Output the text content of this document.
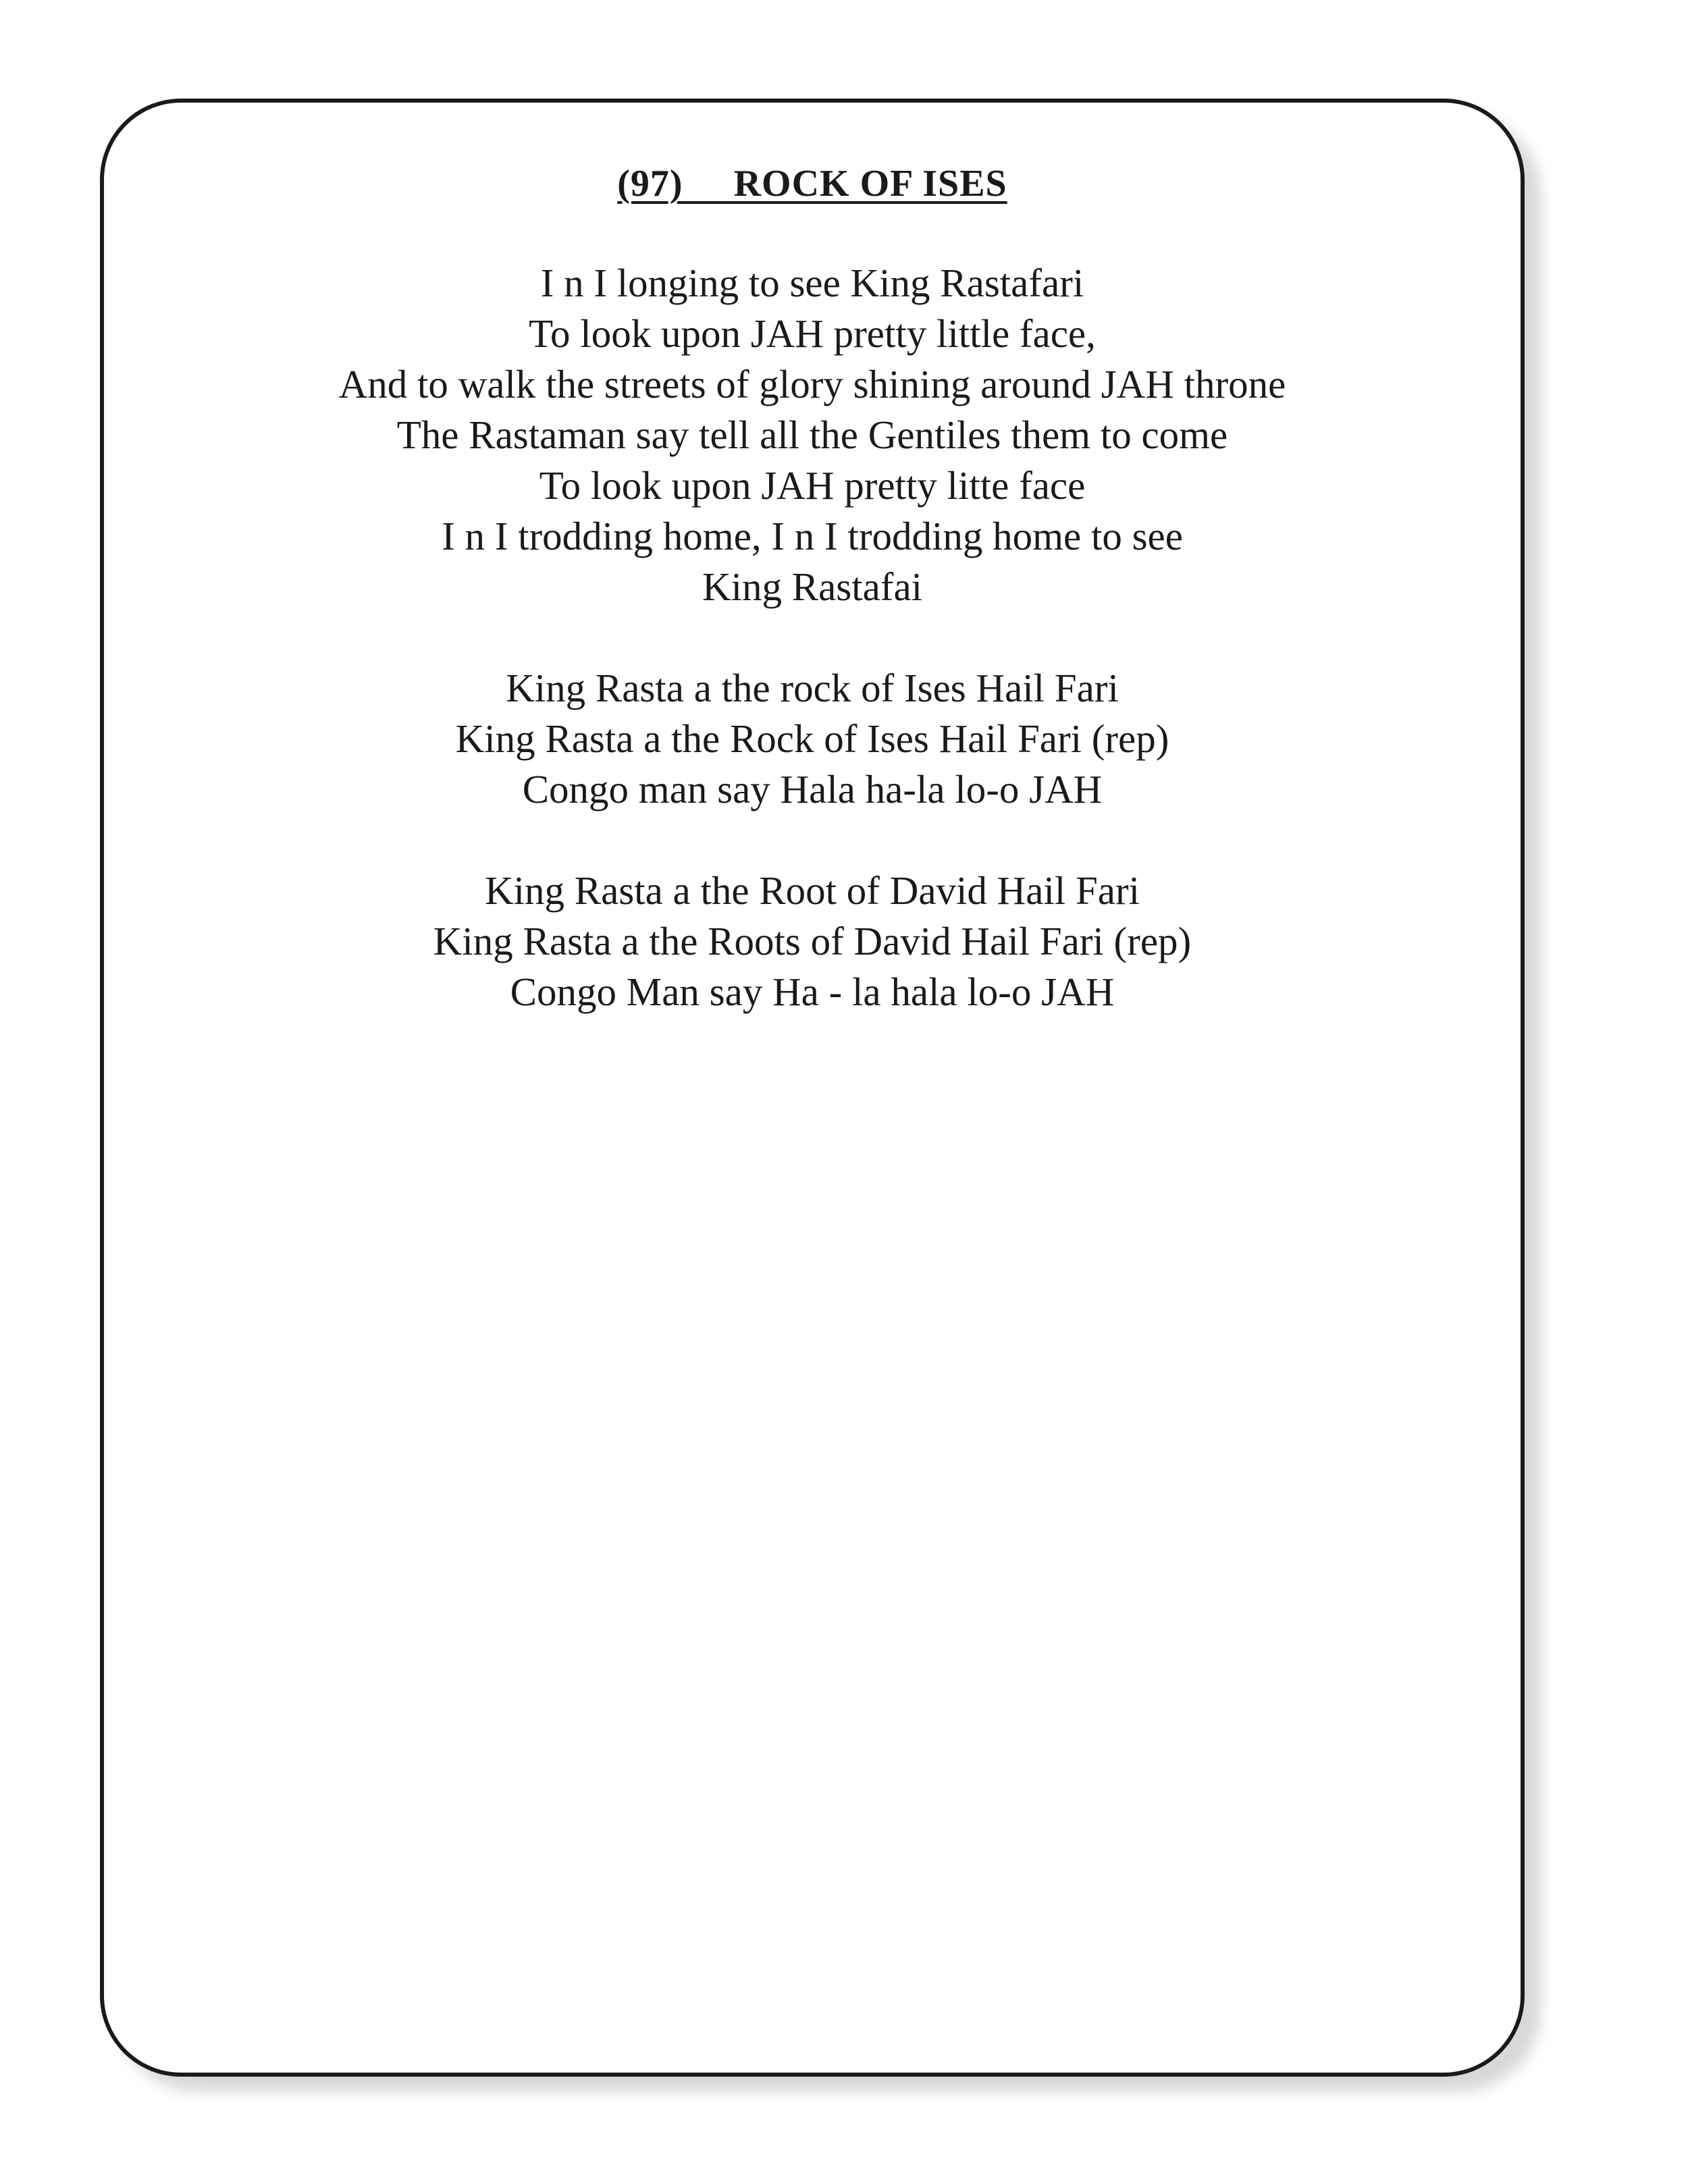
(97)     ROCK OF ISES
I n I longing to see King Rastafari
To look upon JAH pretty little face,
And to walk the streets of glory shining around JAH throne
The Rastaman say tell all the Gentiles them to come
To look upon JAH pretty litte face
I n I trodding home, I n I trodding home to see
King Rastafai
King Rasta a the rock of Ises Hail Fari
King Rasta a the Rock of Ises Hail Fari (rep)
Congo man say Hala ha-la lo-o JAH
King Rasta a the Root of David Hail Fari
King Rasta a the Roots of David Hail Fari (rep)
Congo Man say Ha - la hala lo-o JAH
